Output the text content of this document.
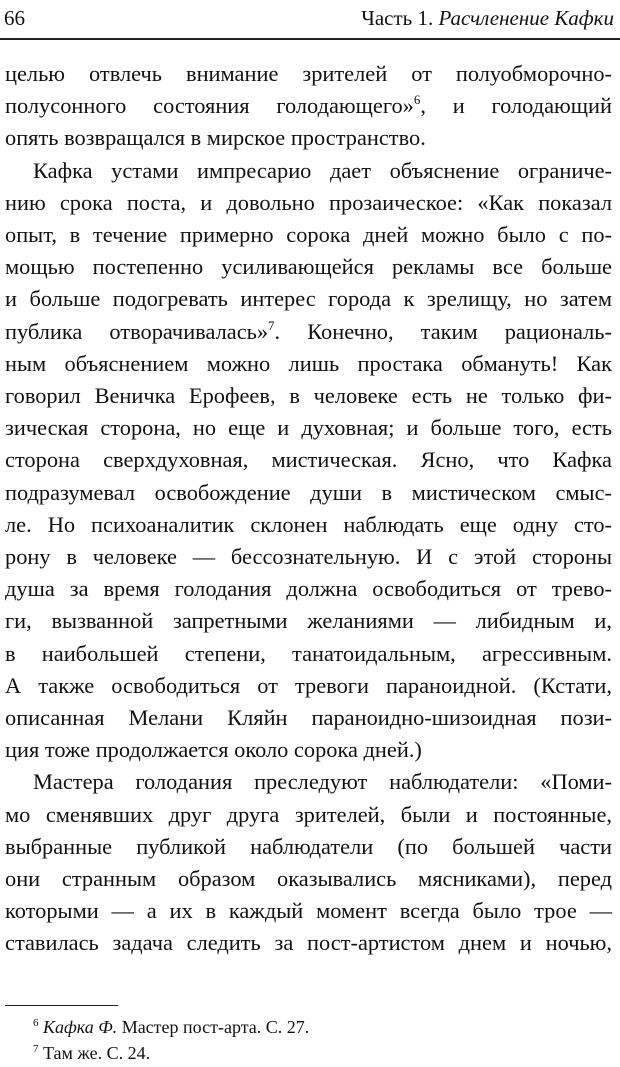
66	Часть 1. Расчленение Кафки

целью отвлечь внимание зрителей от полуобморочно-
полусонного состояния голодающего»$^6$, и голодающий
опять возвращался в мирское пространство.

Кафка устами импресарио дает объяснение ограниче-
нию срока поста, и довольно прозаическое: «Как показал
опыт, в течение примерно сорока дней можно было с по-
мощью постепенно усиливающейся рекламы все больше
и больше подогревать интерес города к зрелищу, но затем
публика отворачивалась»$^7$. Конечно, таким рациональ-
ным объяснением можно лишь простака обмануть! Как
говорил Веничка Ерофеев, в человеке есть не только фи-
зическая сторона, но еще и духовная; и больше того, есть
сторона сверхдуховная, мистическая. Ясно, что Кафка
подразумевал освобождение души в мистическом смыс-
ле. Но психоаналитик склонен наблюдать еще одну сто-
рону в человеке — бессознательную. И с этой стороны
душа за время голодания должна освободиться от трево-
ги, вызванной запретными желаниями — либидным и,
в наибольшей степени, танатоидальным, агрессивным.
А также освободиться от тревоги параноидной. (Кстати,
описанная Мелани Кляйн параноидно-шизоидная пози-
ция тоже продолжается около сорока дней.)

Мастера голодания преследуют наблюдатели: «Поми-
мо сменявших друг друга зрителей, были и постоянные,
выбранные публикой наблюдатели (по большей части
они странным образом оказывались мясниками), перед
которыми — а их в каждый момент всегда было трое —
ставилась задача следить за пост-артистом днем и ночью,

$^6$ Кафка Ф. Мастер пост-арта. С. 27.
$^7$ Там же. С. 24.
